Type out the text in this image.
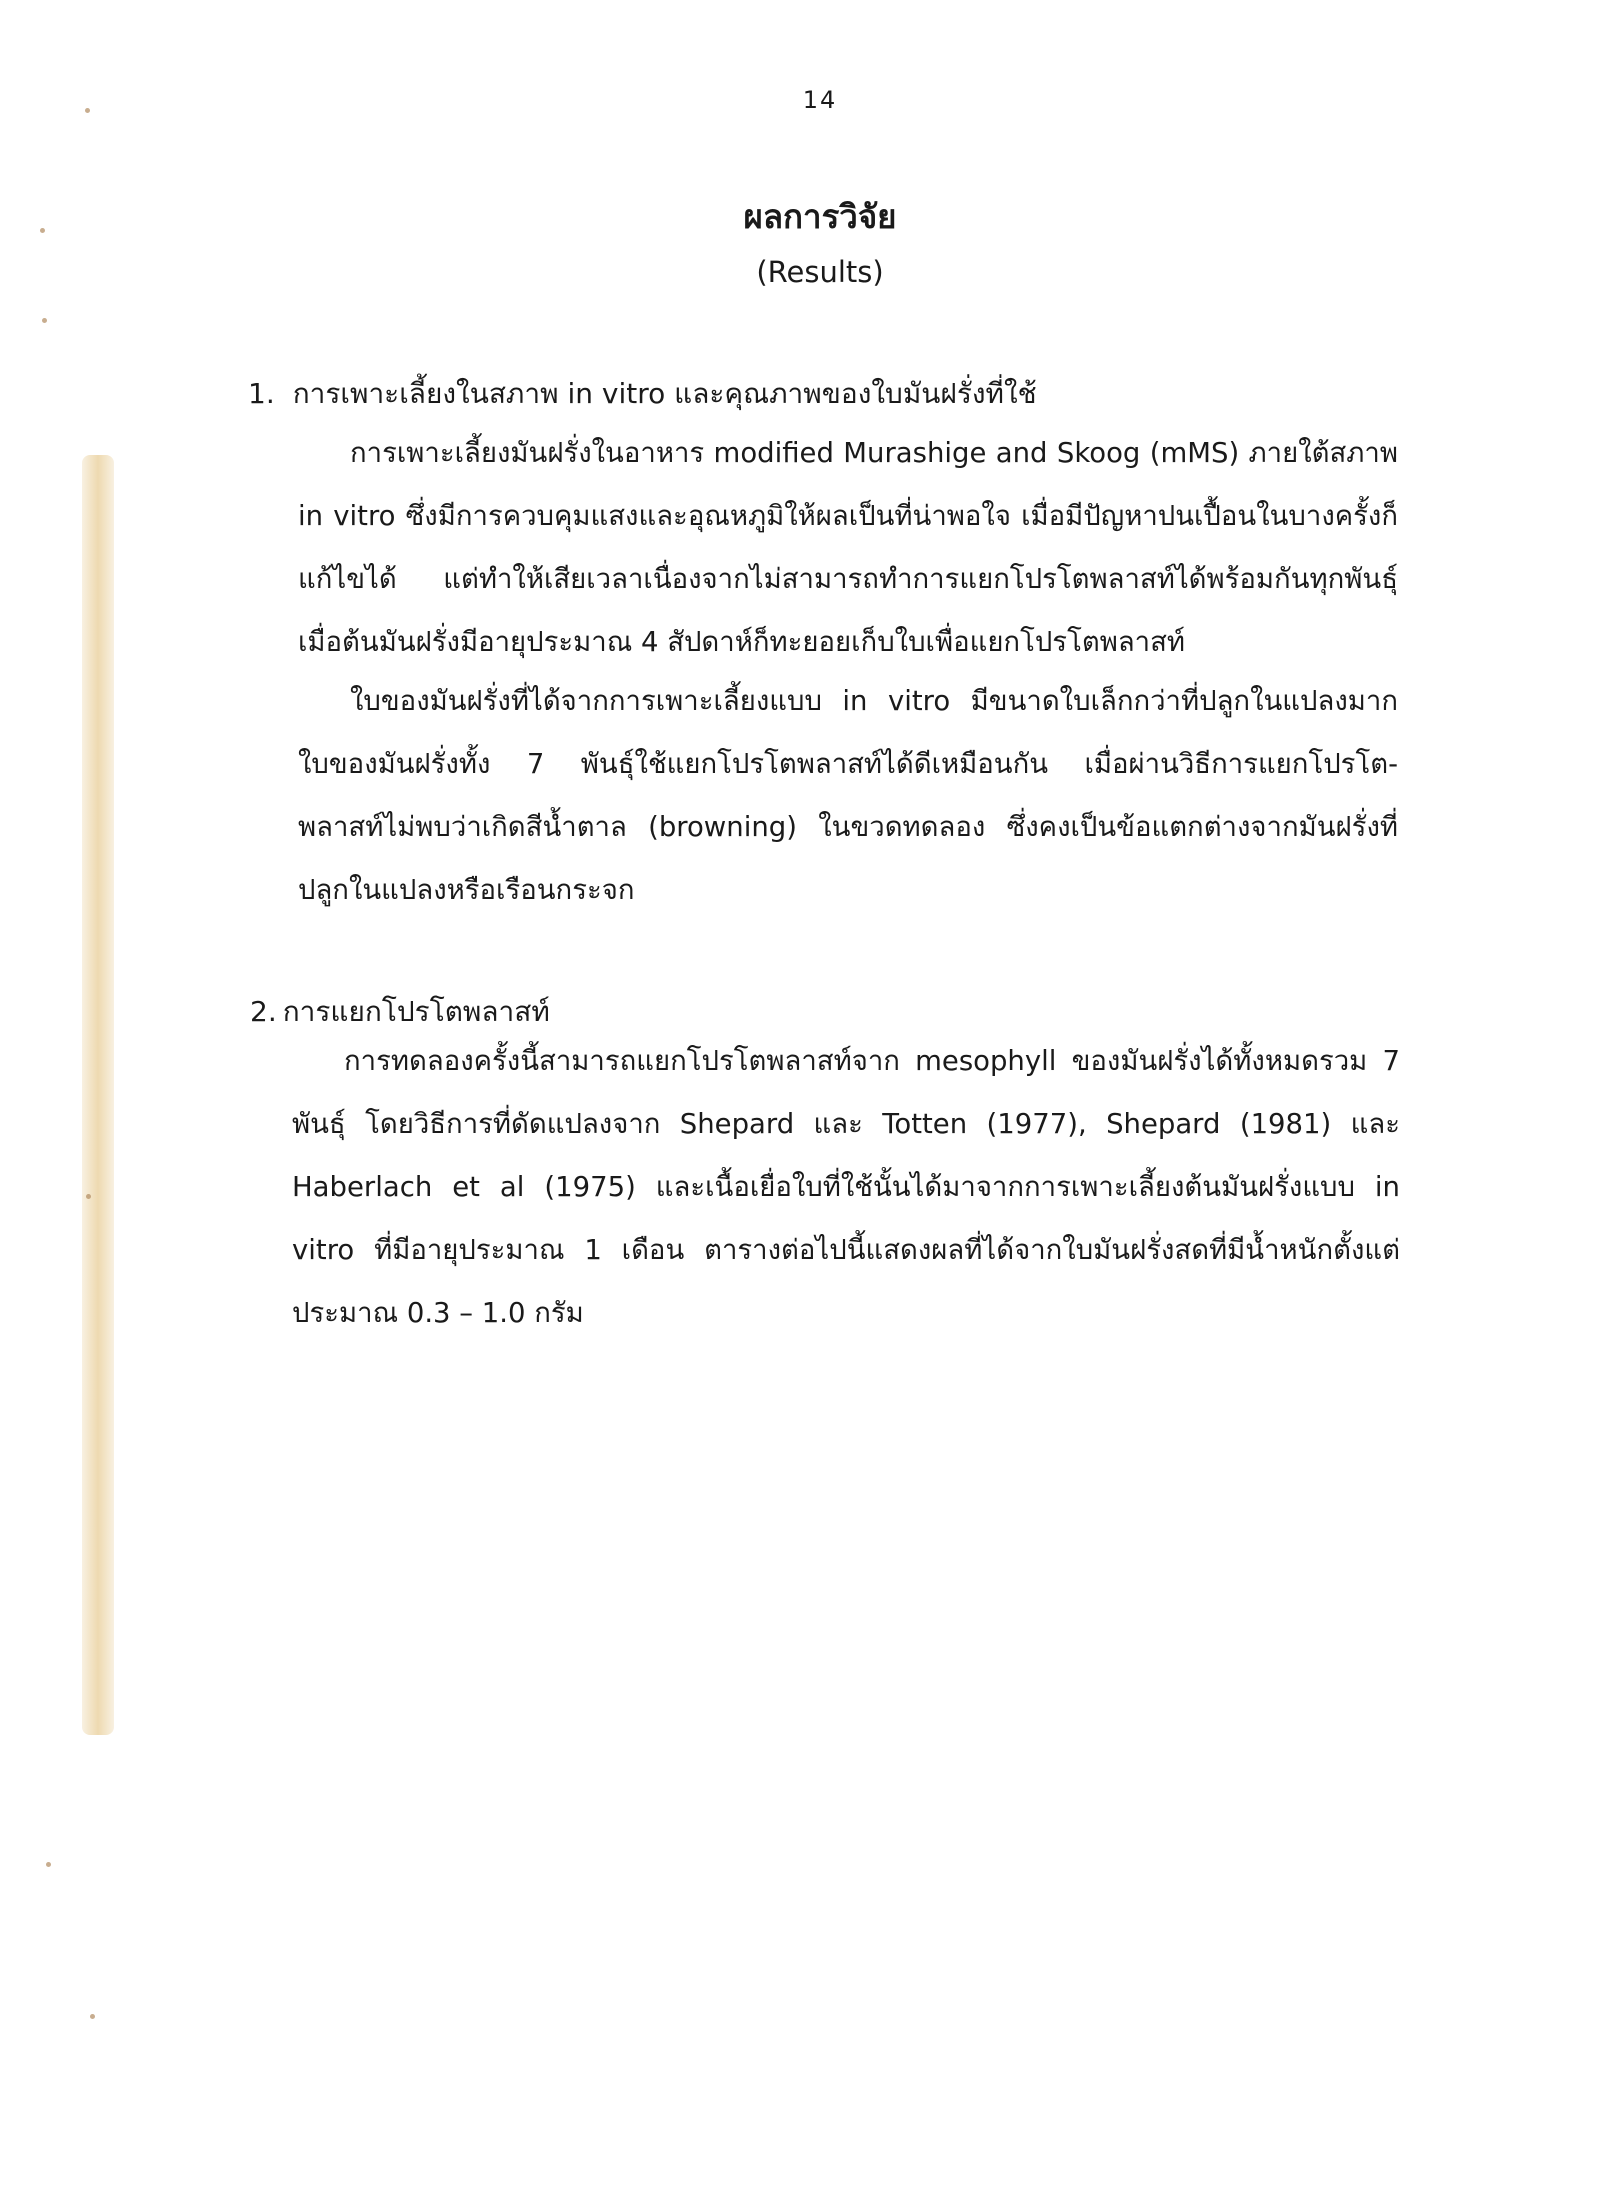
14
ผลการวิจัย
(Results)
1. การเพาะเลี้ยงในสภาพ in vitro และคุณภาพของใบมันฝรั่งที่ใช้
การเพาะเลี้ยงมันฝรั่งในอาหาร modified Murashige and Skoog (mMS) ภายใต้สภาพ in vitro ซึ่งมีการควบคุมแสงและอุณหภูมิให้ผลเป็นที่น่าพอใจ เมื่อมีปัญหาปนเปื้อนในบางครั้งก็แก้ไขได้ แต่ทำให้เสียเวลาเนื่องจากไม่สามารถทำการแยกโปรโตพลาสท์ได้พร้อมกันทุกพันธุ์ เมื่อต้นมันฝรั่งมีอายุประมาณ 4 สัปดาห์ก็ทะยอยเก็บใบเพื่อแยกโปรโตพลาสท์
ใบของมันฝรั่งที่ได้จากการเพาะเลี้ยงแบบ in vitro มีขนาดใบเล็กกว่าที่ปลูกในแปลงมาก ใบของมันฝรั่งทั้ง 7 พันธุ์ใช้แยกโปรโตพลาสท์ได้ดีเหมือนกัน เมื่อผ่านวิธีการแยกโปรโต-พลาสท์ไม่พบว่าเกิดสีน้ำตาล (browning) ในขวดทดลอง ซึ่งคงเป็นข้อแตกต่างจากมันฝรั่งที่ปลูกในแปลงหรือเรือนกระจก
2. การแยกโปรโตพลาสท์
การทดลองครั้งนี้สามารถแยกโปรโตพลาสท์จาก mesophyll ของมันฝรั่งได้ทั้งหมดรวม 7 พันธุ์ โดยวิธีการที่ดัดแปลงจาก Shepard และ Totten (1977), Shepard (1981) และ Haberlach et al (1975) และเนื้อเยื่อใบที่ใช้นั้นได้มาจากการเพาะเลี้ยงต้นมันฝรั่งแบบ in vitro ที่มีอายุประมาณ 1 เดือน ตารางต่อไปนี้แสดงผลที่ได้จากใบมันฝรั่งสดที่มีน้ำหนักตั้งแต่ประมาณ 0.3 – 1.0 กรัม
